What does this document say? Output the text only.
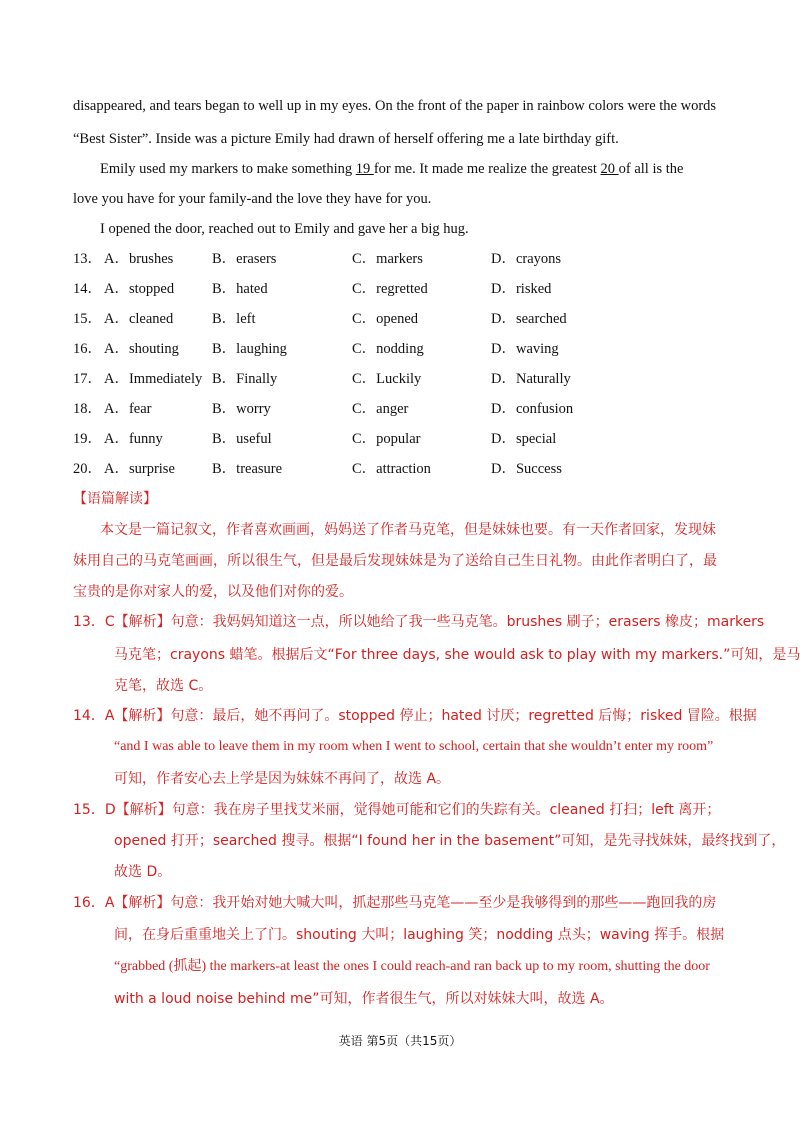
disappeared, and tears began to well up in my eyes. On the front of the paper in rainbow colors were the words
“Best Sister”. Inside was a picture Emily had drawn of herself offering me a late birthday gift.
Emily used my markers to make something 19 for me. It made me realize the greatest 20 of all is the
love you have for your family-and the love they have for you.
I opened the door, reached out to Emily and gave her a big hug.
13． A．brushes	B．erasers	C．markers	D．crayons
14． A．stopped	B．hated	C．regretted	D．risked
15． A．cleaned	B．left	C．opened	D．searched
16． A．shouting B．laughing	C．nodding	D．waving
17． A．Immediately B．Finally	C．Luckily	D．Naturally
18． A．fear	B．worry	C．anger	D．confusion
19． A．funny	B．useful	C．popular	D．special
20． A．surprise	B．treasure	C．attraction	D．Success
【语篇解读】
本文是一篇记叙文，作者喜欢画画，妈妈送了作者马克笔，但是妹妹也要。有一天作者回家，发现妹
妹用自己的马克笔画画，所以很生气，但是最后发现妹妹是为了送给自己生日礼物。由此作者明白了，最
宝贵的是你对家人的爱，以及他们对你的爱。
13．C【解析】句意：我妈妈知道这一点，所以她给了我一些马克笔。brushes 刷子；erasers 橡皮；markers
马克笔；crayons 蜡笔。根据后文“For three days, she would ask to play with my markers.”可知，是马
克笔，故选 C。
14．A【解析】句意：最后，她不再问了。stopped 停止；hated 讨厌；regretted 后悔；risked 冒险。根据
“and I was able to leave them in my room when I went to school, certain that she wouldn’t enter my room”
可知，作者安心去上学是因为妹妹不再问了，故选 A。
15．D【解析】句意：我在房子里找艾米丽，觉得她可能和它们的失踪有关。cleaned 打扫；left 离开；
opened 打开；searched 搜寻。根据“I found her in the basement”可知，是先寻找妹妹，最终找到了，
故选 D。
16．A【解析】句意：我开始对她大喊大叫，抓起那些马克笔——至少是我够得到的那些——跑回我的房
间，在身后重重地关上了门。shouting 大叫；laughing 笑；nodding 点头；waving 挥手。根据
“grabbed (抓起) the markers-at least the ones I could reach-and ran back up to my room, shutting the door
with a loud noise behind me”可知，作者很生气，所以对妹妹大叫，故选 A。
英语 第5页（共15页）
